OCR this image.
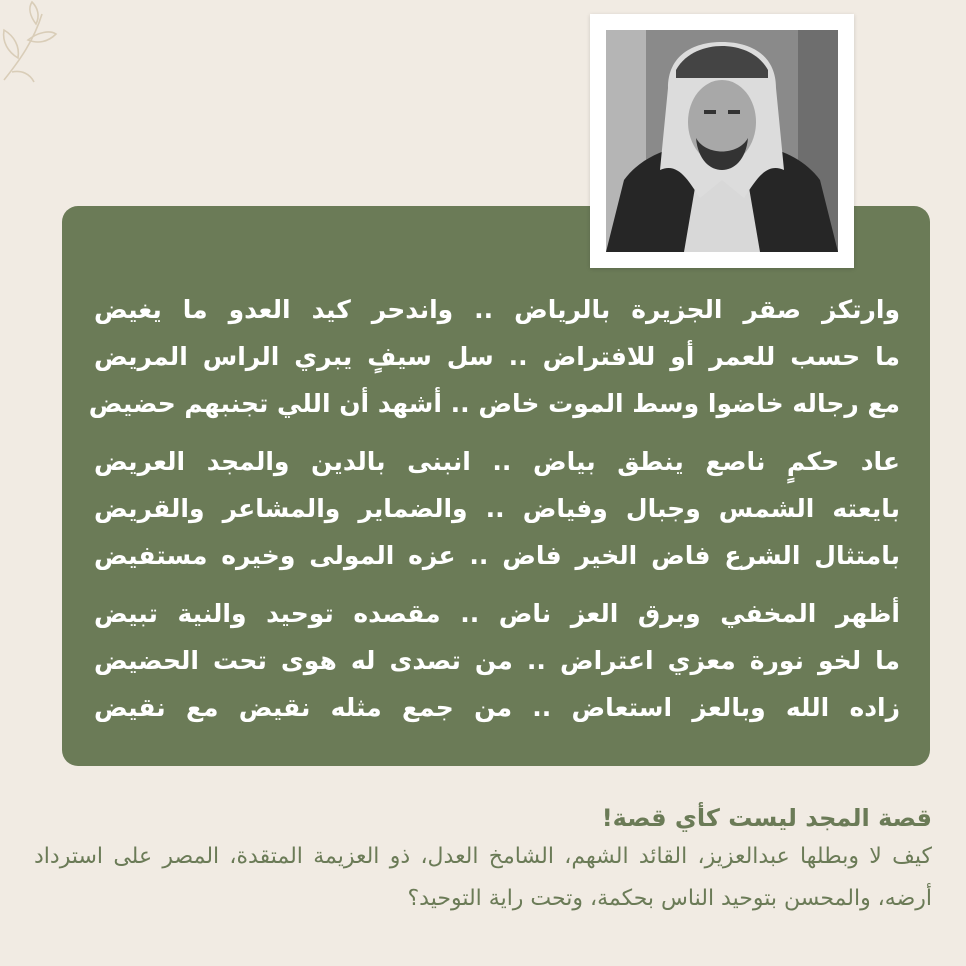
وارتكز صقر الجزيرة بالرياض .. واندحر كيد العدو ما يغيض
ما حسب للعمر أو للافتراض .. سل سيفٍ يبري الراس المريض
مع رجاله خاضوا وسط الموت خاض .. أشهد أن اللي تجنبهم حضيض
عاد حكمٍ ناصع ينطق بياض .. انبنى بالدين والمجد العريض
بايعته الشمس وجبال وفياض .. والضماير والمشاعر والقريض
بامتثال الشرع فاض الخير فاض .. عزه المولى وخيره مستفيض
أظهر المخفي وبرق العز ناض .. مقصده توحيد والنية تبيض
ما لخو نورة معزي اعتراض .. من تصدى له هوى تحت الحضيض
زاده الله وبالعز استعاض .. من جمع مثله نقيض مع نقيض
قصة المجد ليست كأي قصة!
كيف لا وبطلها عبدالعزيز، القائد الشهم، الشامخ العدل، ذو العزيمة المتقدة، المصر على استرداد أرضه، والمحسن بتوحيد الناس بحكمة، وتحت راية التوحيد؟
